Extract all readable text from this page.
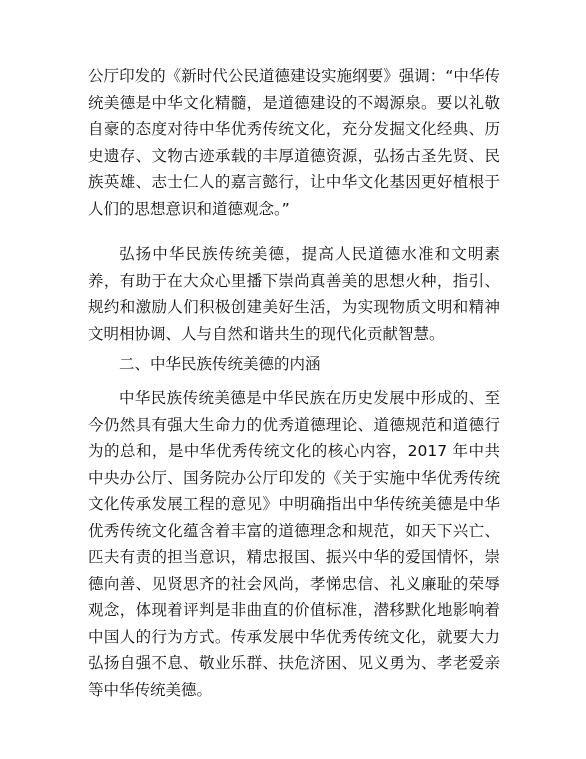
公厅印发的《新时代公民道德建设实施纲要》强调：“中华传统美德是中华文化精髓，是道德建设的不竭源泉。要以礼敬自豪的态度对待中华优秀传统文化，充分发掘文化经典、历史遗存、文物古迹承载的丰厚道德资源，弘扬古圣先贤、民族英雄、志士仁人的嘉言懿行，让中华文化基因更好植根于人们的思想意识和道德观念。”

弘扬中华民族传统美德，提高人民道德水准和文明素养，有助于在大众心里播下崇尚真善美的思想火种，指引、规约和激励人们积极创建美好生活，为实现物质文明和精神文明相协调、人与自然和谐共生的现代化贡献智慧。

二、中华民族传统美德的内涵

中华民族传统美德是中华民族在历史发展中形成的、至今仍然具有强大生命力的优秀道德理论、道德规范和道德行为的总和，是中华优秀传统文化的核心内容，2017 年中共中央办公厅、国务院办公厅印发的《关于实施中华优秀传统文化传承发展工程的意见》中明确指出中华传统美德是中华优秀传统文化蕴含着丰富的道德理念和规范，如天下兴亡、匹夫有责的担当意识，精忠报国、振兴中华的爱国情怀，崇德向善、见贤思齐的社会风尚，孝悌忠信、礼义廉耻的荣辱观念，体现着评判是非曲直的价值标准，潜移默化地影响着中国人的行为方式。传承发展中华优秀传统文化，就要大力弘扬自强不息、敬业乐群、扶危济困、见义勇为、孝老爱亲等中华传统美德。
